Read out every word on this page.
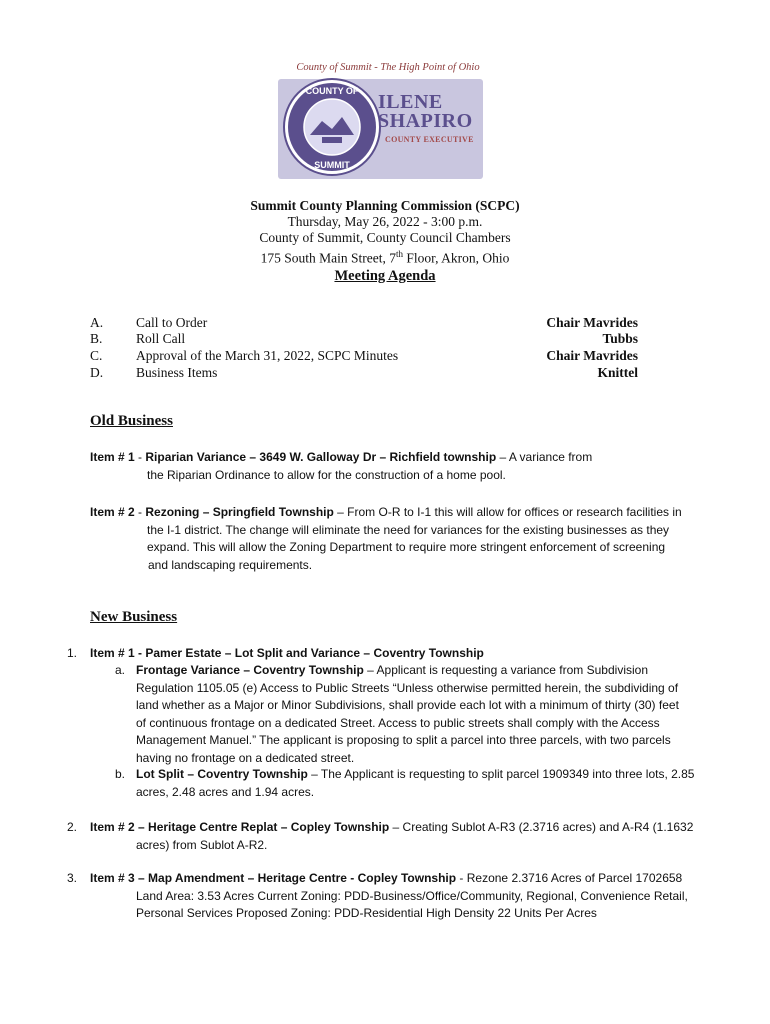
County of Summit - The High Point of Ohio
COUNTY OF
SUMMIT
ILENE
SHAPIRO
COUNTY EXECUTIVE
Summit County Planning Commission (SCPC)
Thursday, May 26, 2022 - 3:00 p.m.
County of Summit, County Council Chambers
175 South Main Street, 7th Floor, Akron, Ohio
Meeting Agenda
A. Call to Order	Chair Mavrides
B. Roll Call	Tubbs
C. Approval of the March 31, 2022, SCPC Minutes	Chair Mavrides
D. Business Items	Knittel
Old Business
Item # 1 - Riparian Variance – 3649 W. Galloway Dr – Richfield township – A variance from
the Riparian Ordinance to allow for the construction of a home pool.
Item # 2 - Rezoning – Springfield Township – From O-R to I-1 this will allow for offices or research facilities in
the I-1 district. The change will eliminate the need for variances for the existing businesses as they
expand. This will allow the Zoning Department to require more stringent enforcement of screening
and landscaping requirements.
New Business
1. Item # 1 - Pamer Estate – Lot Split and Variance – Coventry Township
a. Frontage Variance – Coventry Township – Applicant is requesting a variance from Subdivision
Regulation 1105.05 (e) Access to Public Streets “Unless otherwise permitted herein, the subdividing of
land whether as a Major or Minor Subdivisions, shall provide each lot with a minimum of thirty (30) feet
of continuous frontage on a dedicated Street. Access to public streets shall comply with the Access
Management Manuel.” The applicant is proposing to split a parcel into three parcels, with two parcels
having no frontage on a dedicated street.
b. Lot Split – Coventry Township – The Applicant is requesting to split parcel 1909349 into three lots, 2.85
acres, 2.48 acres and 1.94 acres.
2. Item # 2 – Heritage Centre Replat – Copley Township – Creating Sublot A-R3 (2.3716 acres) and A-R4 (1.1632
acres) from Sublot A-R2.
3. Item # 3 – Map Amendment – Heritage Centre - Copley Township - Rezone 2.3716 Acres of Parcel 1702658
Land Area: 3.53 Acres Current Zoning: PDD-Business/Office/Community, Regional, Convenience Retail,
Personal Services Proposed Zoning: PDD-Residential High Density 22 Units Per Acres
